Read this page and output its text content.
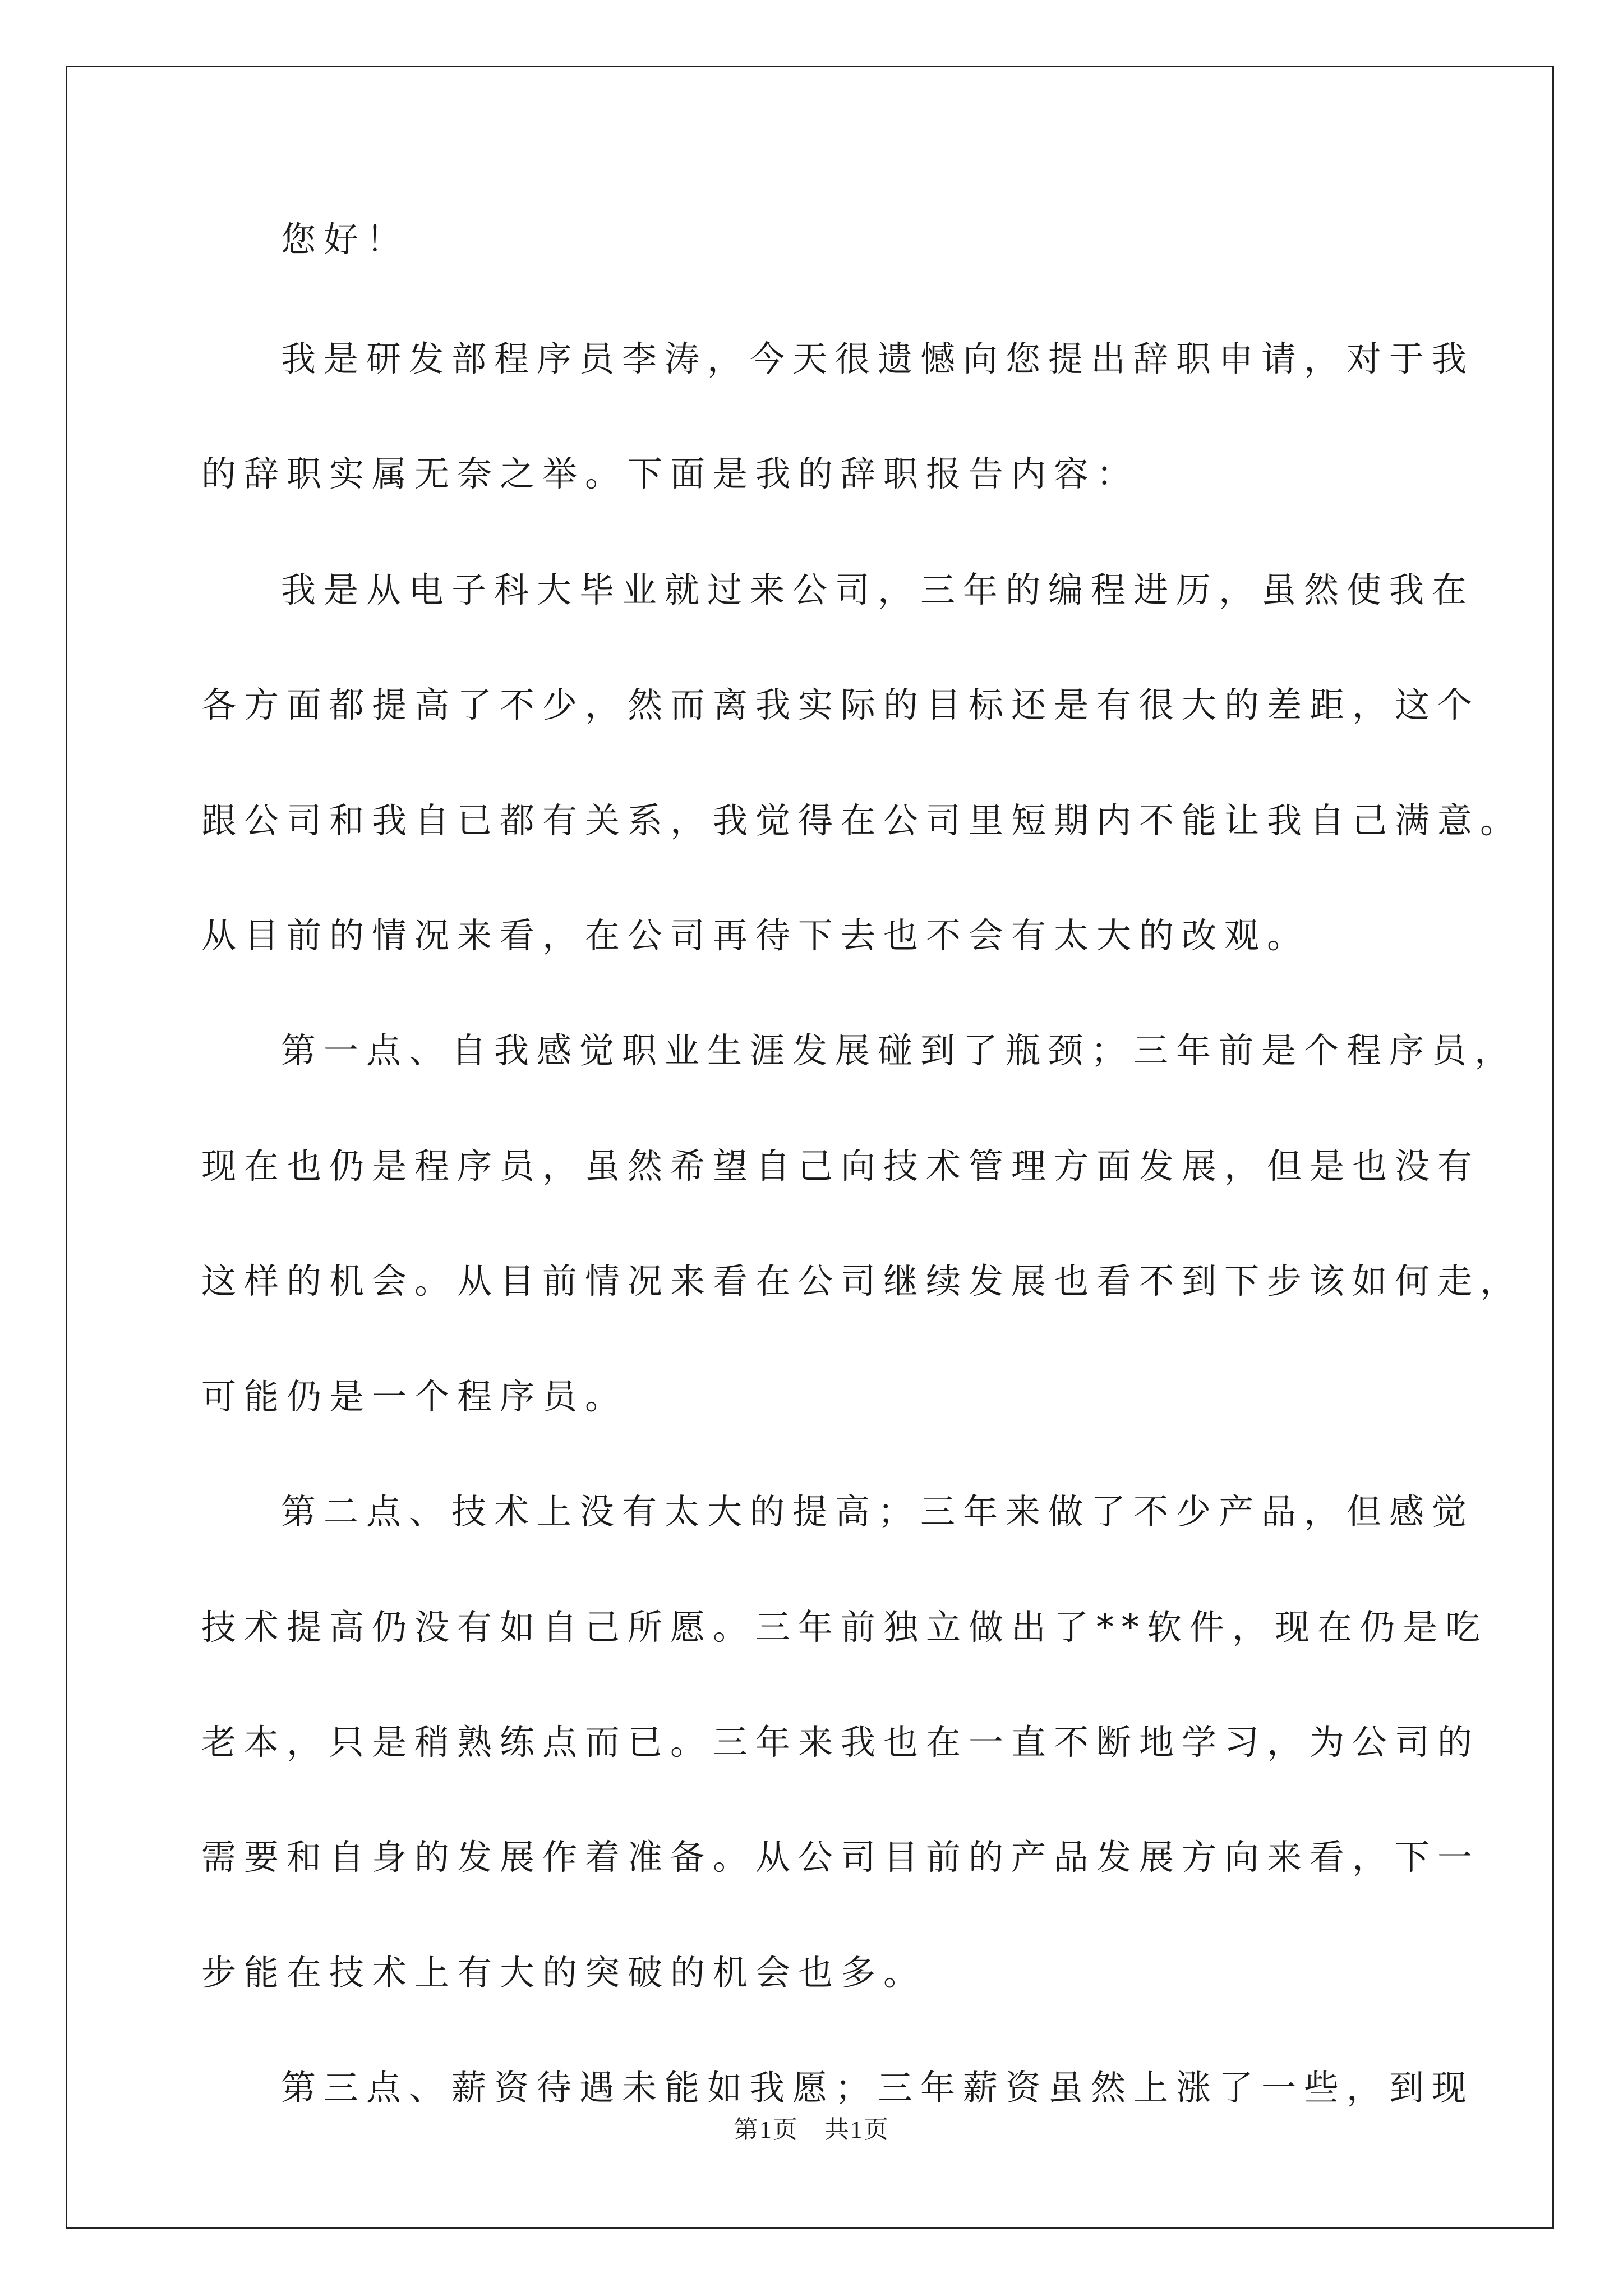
您好！
我是研发部程序员李涛，今天很遗憾向您提出辞职申请，对于我
的辞职实属无奈之举。下面是我的辞职报告内容：
我是从电子科大毕业就过来公司，三年的编程进历，虽然使我在
各方面都提高了不少，然而离我实际的目标还是有很大的差距，这个
跟公司和我自已都有关系，我觉得在公司里短期内不能让我自己满意。
从目前的情况来看，在公司再待下去也不会有太大的改观。
第一点、自我感觉职业生涯发展碰到了瓶颈；三年前是个程序员，
现在也仍是程序员，虽然希望自己向技术管理方面发展，但是也没有
这样的机会。从目前情况来看在公司继续发展也看不到下步该如何走，
可能仍是一个程序员。
第二点、技术上没有太大的提高；三年来做了不少产品，但感觉
技术提高仍没有如自己所愿。三年前独立做出了**软件，现在仍是吃
老本，只是稍熟练点而已。三年来我也在一直不断地学习，为公司的
需要和自身的发展作着准备。从公司目前的产品发展方向来看，下一
步能在技术上有大的突破的机会也多。
第三点、薪资待遇未能如我愿；三年薪资虽然上涨了一些，到现
第1页　共1页
